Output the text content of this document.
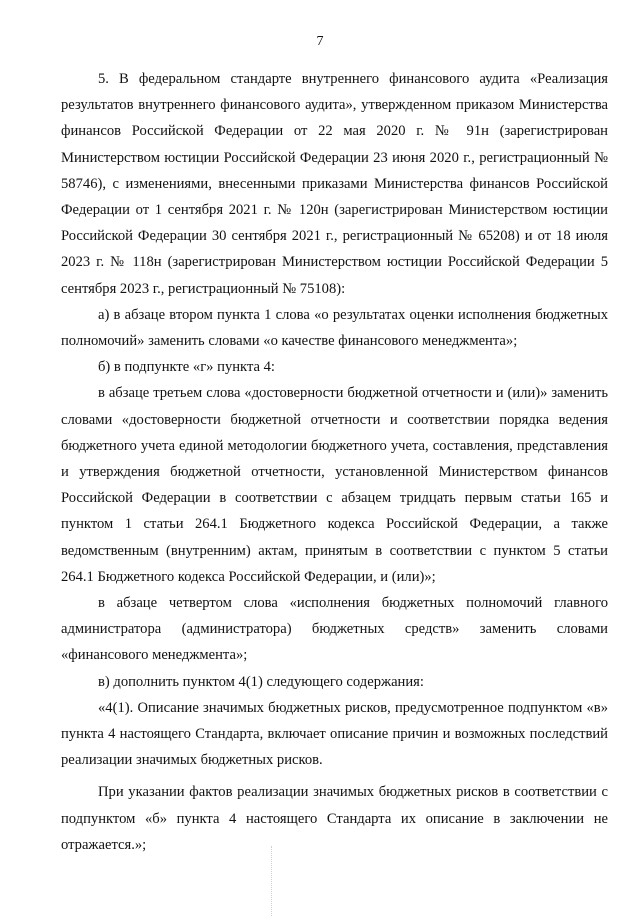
7

5. В федеральном стандарте внутреннего финансового аудита «Реализация результатов внутреннего финансового аудита», утвержденном приказом Министерства финансов Российской Федерации от 22 мая 2020 г. № 91н (зарегистрирован Министерством юстиции Российской Федерации 23 июня 2020 г., регистрационный № 58746), с изменениями, внесенными приказами Министерства финансов Российской Федерации от 1 сентября 2021 г. № 120н (зарегистрирован Министерством юстиции Российской Федерации 30 сентября 2021 г., регистрационный № 65208) и от 18 июля 2023 г. № 118н (зарегистрирован Министерством юстиции Российской Федерации 5 сентября 2023 г., регистрационный № 75108):

а) в абзаце втором пункта 1 слова «о результатах оценки исполнения бюджетных полномочий» заменить словами «о качестве финансового менеджмента»;

б) в подпункте «г» пункта 4:

в абзаце третьем слова «достоверности бюджетной отчетности и (или)» заменить словами «достоверности бюджетной отчетности и соответствии порядка ведения бюджетного учета единой методологии бюджетного учета, составления, представления и утверждения бюджетной отчетности, установленной Министерством финансов Российской Федерации в соответствии с абзацем тридцать первым статьи 165 и пунктом 1 статьи 264.1 Бюджетного кодекса Российской Федерации, а также ведомственным (внутренним) актам, принятым в соответствии с пунктом 5 статьи 264.1 Бюджетного кодекса Российской Федерации, и (или)»;

в абзаце четвертом слова «исполнения бюджетных полномочий главного администратора (администратора) бюджетных средств» заменить словами «финансового менеджмента»;

в) дополнить пунктом 4(1) следующего содержания:

«4(1). Описание значимых бюджетных рисков, предусмотренное подпунктом «в» пункта 4 настоящего Стандарта, включает описание причин и возможных последствий реализации значимых бюджетных рисков.

При указании фактов реализации значимых бюджетных рисков в соответствии с подпунктом «б» пункта 4 настоящего Стандарта их описание в заключении не отражается.»;
